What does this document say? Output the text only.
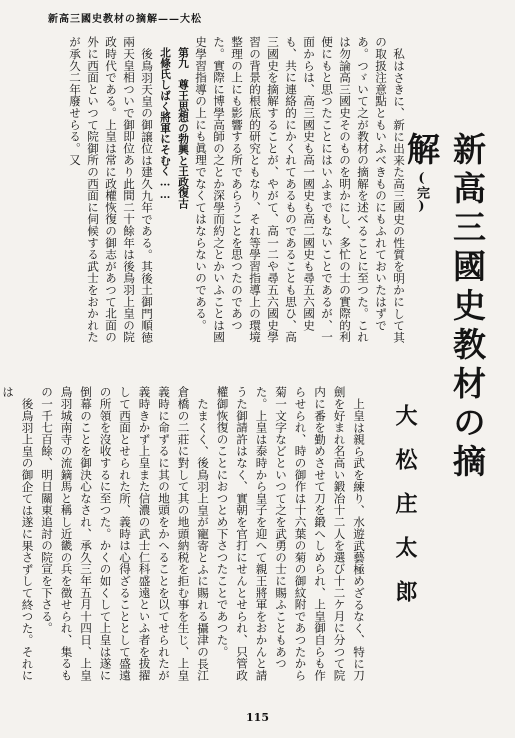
新高三國史教材の摘解——大松

私はさきに、新に出来た高三國史の性質を明かにして其の取扱注意點ともいふべきものにもふれておいたはずであ。つゞいて之が教材の摘解を述べることに至つた。これは勿論高三國史そのものを明かにし、多忙の士の實際的利便にもと思つたことにはいふまでもないことであるが、一面からは、高三國史も高一國史も高二國史も尋五六國史も、共に連絡的にかくれてあるものであることも思ひ、高三國史を摘解することが、やがて、高一二や尋五六國史學習の背景的根底的研究ともなり、それ等學習指導上の環境整理の上にも影響する所であらうことを思つたのであつた。實際に博學高師の之とか深學而約之とかいふことは國史學習指導の上にも眞理でなくてはならないのである。

第九　尊王思想の勃興と王政復古

北條氏しばく將軍にそむく……

後鳥羽天皇の御譲位は建久九年である。其後土御門順徳兩天皇相ついで御即位あり此間二十餘年は後鳥羽上皇の院政時代である。上皇は常に政權恢復の御志があつて北面の外に西面といつて院御所の西面に伺候する武士をおかれたが承久二年廢せらる。又

新高三國史教材の摘解(完)
大松庄太郎

上皇は親ら武を練り、水遊武藝極めざるなく、特に刀劍を好まれ名高い鍛冶十二人を選び十二ケ月に分つて院内に番を勤めさせて刀を鍛へしめられ、上皇御自らも作らせられ、時の御作は十六葉の菊の御紋附であつたから菊一文字などといつて之を武勇の士に賜ふこともあつた。上皇は泰時から皇子を迎へて親王將軍をおかんと請うた御請許はなく、實朝を官打にせんとせられ、只管政權御恢復のことにおつとめ下さつたことであつた。

たまくく、後鳥羽上皇が寵寄とふに賜れる攝津の長江倉橋の二莊に對して其の地頭納税を拒む事を生じ、上皇義時に命ずるに其の地頭をかへることを以てせられたが義時きかず上皇また信濃の武士仁科盛遠といふ者を拔擢して西面とせられた所、義時は心得ざることとして盛遠の所領を沒收するに至つた。かくの如くして上皇は遂に倒幕のことを御決心なされ、承久三年五月十四日、上皇鳥羽城南寺の流鏑馬と稱し近畿の兵を徴せられ、集るもの一千七百餘、明日關東追討の院宣を下さる。

後鳥羽上皇の御企ては遂に果さずして終つた。それには

115
